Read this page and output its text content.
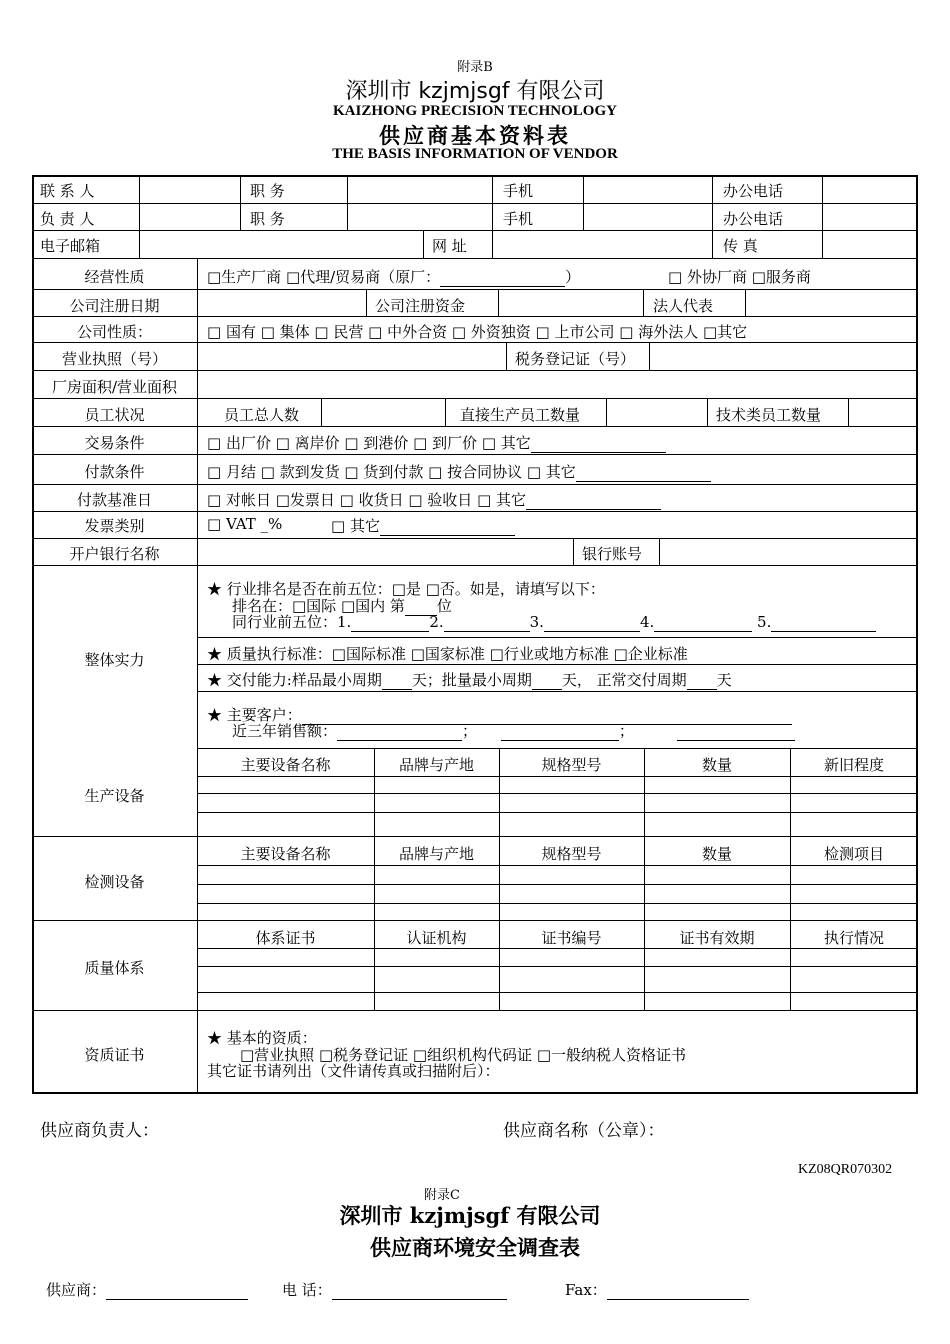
附录B
深圳市 kzjmjsgf 有限公司
KAIZHONG PRECISION TECHNOLOGY
供应商基本资料表
THE BASIS INFORMATION OF VENDOR
联 系 人	职 务	手机	办公电话
负 责 人	职 务	手机	办公电话
电子邮箱	网 址	传 真
经营性质	□生产厂商 □代理/贸易商（原厂：	）	□ 外协厂商 □服务商
公司注册日期	公司注册资金	法人代表
公司性质：	□ 国有 □ 集体 □ 民营 □ 中外合资 □ 外资独资 □ 上市公司 □ 海外法人 □其它
营业执照（号）	税务登记证（号）
厂房面积/营业面积
员工状况	员工总人数	直接生产员工数量	技术类员工数量
交易条件	□ 出厂价 □ 离岸价 □ 到港价 □ 到厂价 □ 其它
付款条件	□ 月结 □ 款到发货 □ 货到付款 □ 按合同协议 □ 其它
付款基准日	□ 对帐日 □发票日 □ 收货日 □ 验收日 □ 其它
发票类别	□ VAT _%	□ 其它
开户银行名称	银行账号
整体实力
★ 行业排名是否在前五位：□是 □否。如是，请填写以下：
排名在：□国际 □国内 第 位
同行业前五位：1.	2.	3.	4.	5.
★ 质量执行标准：□国际标准 □国家标准 □行业或地方标准 □企业标准
★ 交付能力:样品最小周期 天；批量最小周期 天， 正常交付周期 天
★ 主要客户：
近三年销售额：	；	；
生产设备
主要设备名称	品牌与产地	规格型号	数量	新旧程度
检测设备
主要设备名称	品牌与产地	规格型号	数量	检测项目
质量体系
体系证书	认证机构	证书编号	证书有效期	执行情况
资质证书
★ 基本的资质：
□营业执照 □税务登记证 □组织机构代码证 □一般纳税人资格证书
其它证书请列出（文件请传真或扫描附后）：
供应商负责人：	供应商名称（公章）：
KZ08QR070302
附录C
深圳市 kzjmjsgf 有限公司
供应商环境安全调查表
供应商：	电 话：	Fax：
